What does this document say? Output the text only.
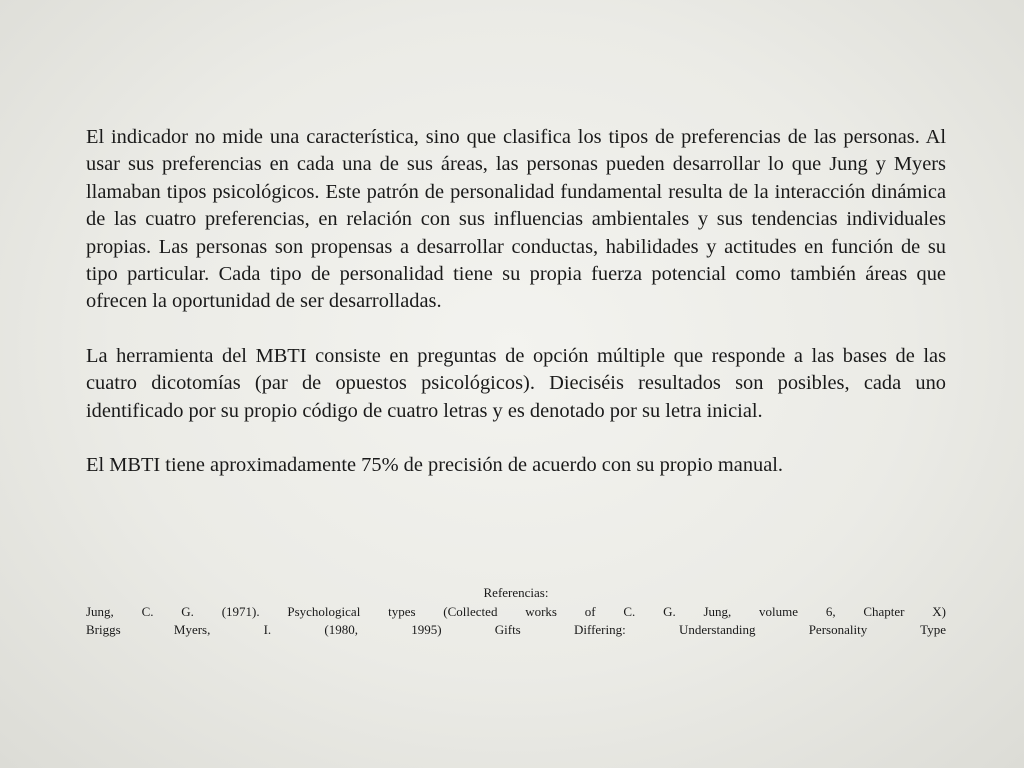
El indicador no mide una característica, sino que clasifica los tipos de preferencias de las personas. Al usar sus preferencias en cada una de sus áreas, las personas pueden desarrollar lo que Jung y Myers llamaban tipos psicológicos. Este patrón de personalidad fundamental resulta de la interacción dinámica de las cuatro preferencias, en relación con sus influencias ambientales y sus tendencias individuales propias. Las personas son propensas a desarrollar conductas, habilidades y actitudes en función de su tipo particular. Cada tipo de personalidad tiene su propia fuerza potencial como también áreas que ofrecen la oportunidad de ser desarrolladas.

La herramienta del MBTI consiste en preguntas de opción múltiple que responde a las bases de las cuatro dicotomías (par de opuestos psicológicos). Dieciséis resultados son posibles, cada uno identificado por su propio código de cuatro letras y es denotado por su letra inicial.

El MBTI tiene aproximadamente 75% de precisión de acuerdo con su propio manual.

Referencias:

Jung, C. G. (1971). Psychological types (Collected works of C. G. Jung, volume 6, Chapter X)

Briggs Myers, I. (1980, 1995) Gifts Differing: Understanding Personality Type
